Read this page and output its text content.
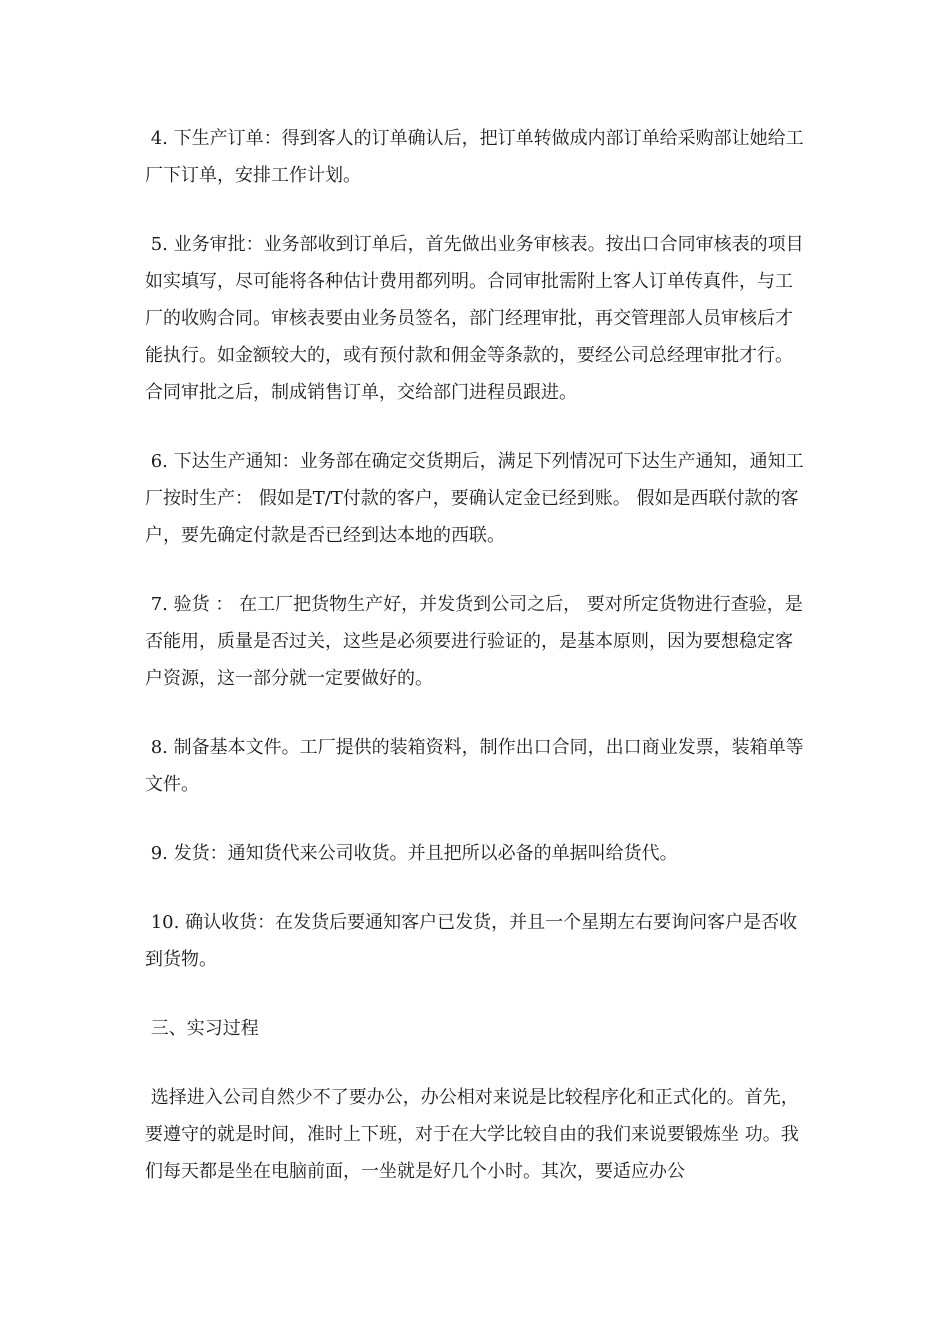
4. 下生产订单：得到客人的订单确认后，把订单转做成内部订单给采购部让她给工厂下订单，安排工作计划。

5. 业务审批：业务部收到订单后，首先做出业务审核表。按出口合同审核表的项目如实填写，尽可能将各种估计费用都列明。合同审批需附上客人订单传真件，与工厂的收购合同。审核表要由业务员签名，部门经理审批，再交管理部人员审核后才能执行。如金额较大的，或有预付款和佣金等条款的，要经公司总经理审批才行。合同审批之后，制成销售订单，交给部门进程员跟进。

6. 下达生产通知：业务部在确定交货期后，满足下列情况可下达生产通知，通知工厂按时生产： 假如是T/T付款的客户，要确认定金已经到账。 假如是西联付款的客户，要先确定付款是否已经到达本地的西联。

7. 验货 ： 在工厂把货物生产好，并发货到公司之后， 要对所定货物进行查验，是否能用，质量是否过关，这些是必须要进行验证的，是基本原则，因为要想稳定客户资源，这一部分就一定要做好的。

8. 制备基本文件。工厂提供的装箱资料，制作出口合同，出口商业发票，装箱单等文件。

9. 发货：通知货代来公司收货。并且把所以必备的单据叫给货代。

10. 确认收货：在发货后要通知客户已发货，并且一个星期左右要询问客户是否收到货物。

三、实习过程

选择进入公司自然少不了要办公，办公相对来说是比较程序化和正式化的。首先，要遵守的就是时间，准时上下班，对于在大学比较自由的我们来说要锻炼坐 功。我们每天都是坐在电脑前面，一坐就是好几个小时。其次，要适应办公
